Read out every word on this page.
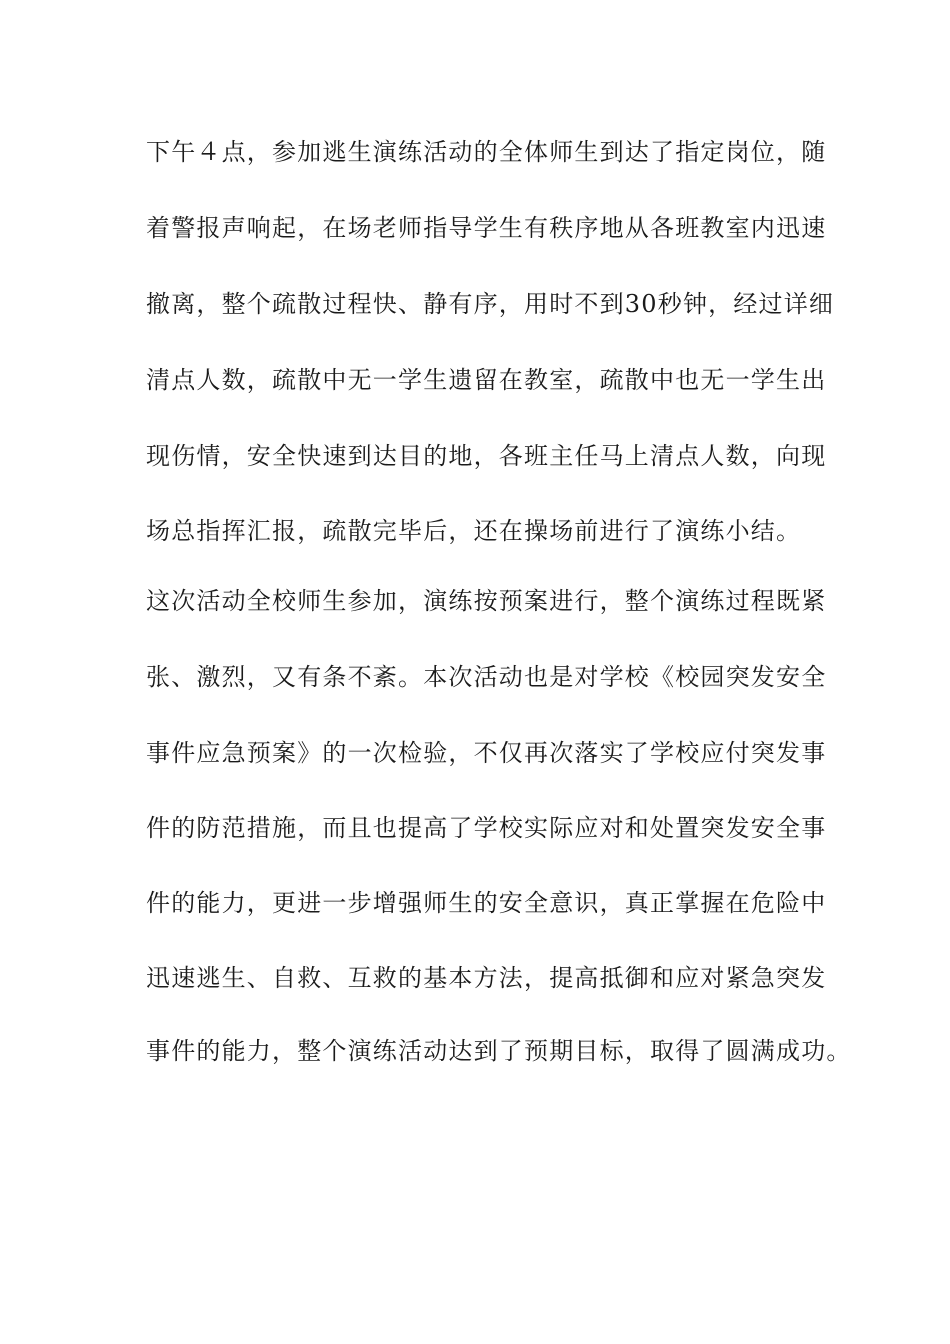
下午４点，参加逃生演练活动的全体师生到达了指定岗位，随
着警报声响起，在场老师指导学生有秩序地从各班教室内迅速
撤离，整个疏散过程快、静有序，用时不到30秒钟，经过详细
清点人数，疏散中无一学生遗留在教室，疏散中也无一学生出
现伤情，安全快速到达目的地，各班主任马上清点人数，向现
场总指挥汇报，疏散完毕后，还在操场前进行了演练小结。
这次活动全校师生参加，演练按预案进行，整个演练过程既紧
张、激烈，又有条不紊。本次活动也是对学校《校园突发安全
事件应急预案》的一次检验，不仅再次落实了学校应付突发事
件的防范措施，而且也提高了学校实际应对和处置突发安全事
件的能力，更进一步增强师生的安全意识，真正掌握在危险中
迅速逃生、自救、互救的基本方法，提高抵御和应对紧急突发
事件的能力，整个演练活动达到了预期目标，取得了圆满成功。
